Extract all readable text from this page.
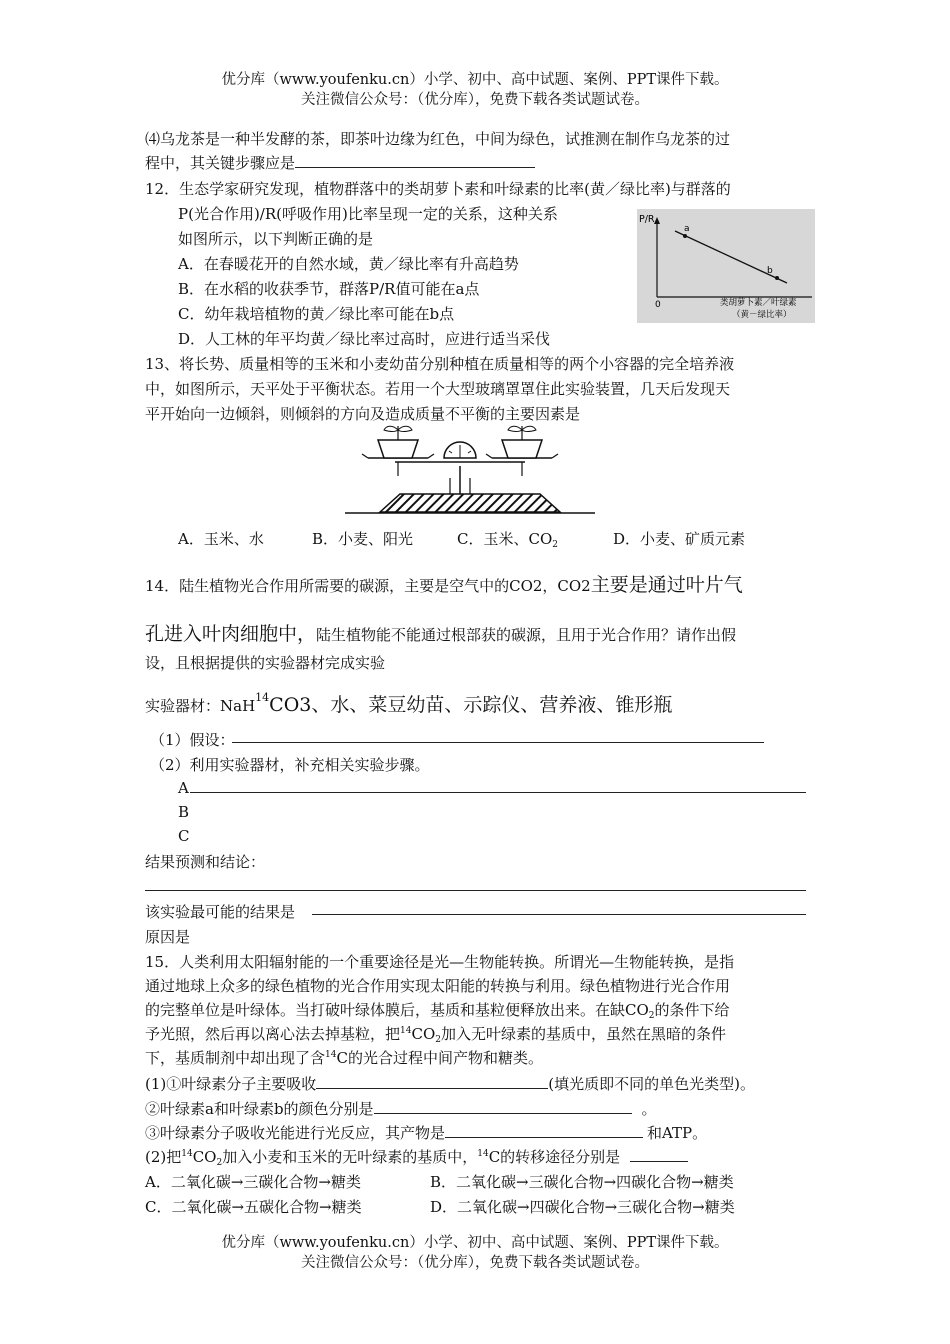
优分库（www.youfenku.cn）小学、初中、高中试题、案例、PPT课件下载。
关注微信公众号：（优分库），免费下载各类试题试卷。
⑷乌龙茶是一种半发酵的茶，即茶叶边缘为红色，中间为绿色，试推测在制作乌龙茶的过
程中，其关键步骤应是
12．生态学家研究发现，植物群落中的类胡萝卜素和叶绿素的比率(黄／绿比率)与群落的
P(光合作用)/R(呼吸作用)比率呈现一定的关系，这种关系
如图所示，以下判断正确的是
A．在春暖花开的自然水域，黄／绿比率有升高趋势
B．在水稻的收获季节，群落P/R值可能在a点
C．幼年栽培植物的黄／绿比率可能在b点
D．人工林的年平均黄／绿比率过高时，应进行适当采伐
P/R
a
b
0	类胡萝卜素／叶绿素
（黄－绿比率）
13、将长势、质量相等的玉米和小麦幼苗分别种植在质量相等的两个小容器的完全培养液
中，如图所示，天平处于平衡状态。若用一个大型玻璃罩罩住此实验装置，几天后发现天
平开始向一边倾斜，则倾斜的方向及造成质量不平衡的主要因素是
A．玉米、水	B．小麦、阳光	C．玉米、$CO_2$	D．小麦、矿质元素
14．陆生植物光合作用所需要的碳源，主要是空气中的CO2，CO2主要是通过叶片气
孔进入叶肉细胞中，陆生植物能不能通过根部获的碳源，且用于光合作用？请作出假
设，且根据提供的实验器材完成实验
实验器材：NaH$^{14}$CO3、水、菜豆幼苗、示踪仪、营养液、锥形瓶
（1）假设：
（2）利用实验器材，补充相关实验步骤。
A
B
C
结果预测和结论：
该实验最可能的结果是
原因是
15．人类利用太阳辐射能的一个重要途径是光—生物能转换。所谓光—生物能转换，是指
通过地球上众多的绿色植物的光合作用实现太阳能的转换与利用。绿色植物进行光合作用
的完整单位是叶绿体。当打破叶绿体膜后，基质和基粒便释放出来。在缺$CO_2$的条件下给
予光照，然后再以离心法去掉基粒，把$^{14}CO_2$加入无叶绿素的基质中，虽然在黑暗的条件
下，基质制剂中却出现了含$^{14}$C的光合过程中间产物和糖类。
(1)①叶绿素分子主要吸收	(填光质即不同的单色光类型)。
②叶绿素a和叶绿素b的颜色分别是	。
③叶绿素分子吸收光能进行光反应，其产物是	和ATP。
(2)把$^{14}CO_2$加入小麦和玉米的无叶绿素的基质中，$^{14}$C的转移途径分别是
A．二氧化碳→三碳化合物→糖类	B．二氧化碳→三碳化合物→四碳化合物→糖类
C．二氧化碳→五碳化合物→糖类	D．二氧化碳→四碳化合物→三碳化合物→糖类
优分库（www.youfenku.cn）小学、初中、高中试题、案例、PPT课件下载。
关注微信公众号：（优分库），免费下载各类试题试卷。
